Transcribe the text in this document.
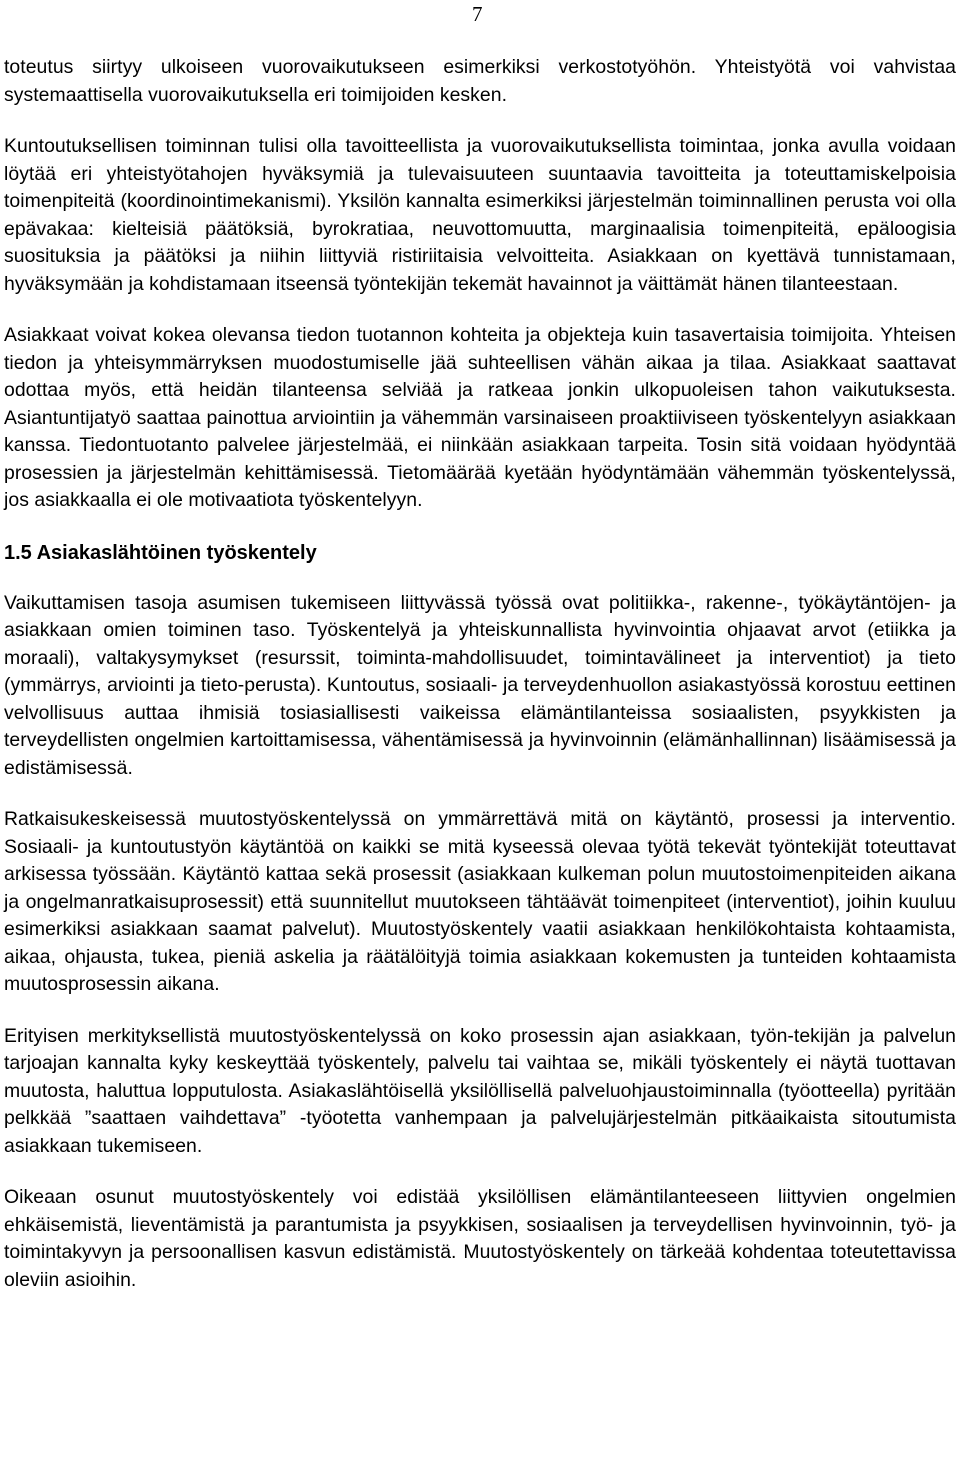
7

toteutus siirtyy ulkoiseen vuorovaikutukseen esimerkiksi verkostotyöhön. Yhteistyötä voi vahvistaa systemaattisella vuorovaikutuksella eri toimijoiden kesken.

Kuntoutuksellisen toiminnan tulisi olla tavoitteellista ja vuorovaikutuksellista toimintaa, jonka avulla voidaan löytää eri yhteistyötahojen hyväksymiä ja tulevaisuuteen suuntaavia tavoitteita ja toteuttamiskelpoisia toimenpiteitä (koordinointimekanismi). Yksilön kannalta esimerkiksi järjestelmän toiminnallinen perusta voi olla epävakaa: kielteisiä päätöksiä, byrokratiaa, neuvottomuutta, marginaalisia toimenpiteitä, epäloogisia suosituksia ja päätöksi ja niihin liittyviä ristiriitaisia velvoitteita. Asiakkaan on kyettävä tunnistamaan, hyväksymään ja kohdistamaan itseensä työntekijän tekemät havainnot ja väittämät hänen tilanteestaan.

Asiakkaat voivat kokea olevansa tiedon tuotannon kohteita ja objekteja kuin tasavertaisia toimijoita. Yhteisen tiedon ja yhteisymmärryksen muodostumiselle jää suhteellisen vähän aikaa ja tilaa. Asiakkaat saattavat odottaa myös, että heidän tilanteensa selviää ja ratkeaa jonkin ulkopuoleisen tahon vaikutuksesta. Asiantuntijatyö saattaa painottua arviointiin ja vähemmän varsinaiseen proaktiiviseen työskentelyyn asiakkaan kanssa. Tiedontuotanto palvelee järjestelmää, ei niinkään asiakkaan tarpeita. Tosin sitä voidaan hyödyntää prosessien ja järjestelmän kehittämisessä. Tietomäärää kyetään hyödyntämään vähemmän työskentelyssä, jos asiakkaalla ei ole motivaatiota työskentelyyn.

1.5 Asiakaslähtöinen työskentely

Vaikuttamisen tasoja asumisen tukemiseen liittyvässä työssä ovat politiikka-, rakenne-, työkäytäntöjen- ja asiakkaan omien toiminen taso. Työskentelyä ja yhteiskunnallista hyvinvointia ohjaavat arvot (etiikka ja moraali), valtakysymykset (resurssit, toiminta-mahdollisuudet, toimintavälineet ja interventiot) ja tieto (ymmärrys, arviointi ja tieto-perusta). Kuntoutus, sosiaali- ja terveydenhuollon asiakastyössä korostuu eettinen velvollisuus auttaa ihmisiä tosiasiallisesti vaikeissa elämäntilanteissa sosiaalisten, psyykkisten ja terveydellisten ongelmien kartoittamisessa, vähentämisessä ja hyvinvoinnin (elämänhallinnan) lisäämisessä ja edistämisessä.

Ratkaisukeskeisessä muutostyöskentelyssä on ymmärrettävä mitä on käytäntö, prosessi ja interventio. Sosiaali- ja kuntoutustyön käytäntöä on kaikki se mitä kyseessä olevaa työtä tekevät työntekijät toteuttavat arkisessa työssään. Käytäntö kattaa sekä prosessit (asiakkaan kulkeman polun muutostoimenpiteiden aikana ja ongelmanratkaisuprosessit) että suunnitellut muutokseen tähtäävät toimenpiteet (interventiot), joihin kuuluu esimerkiksi asiakkaan saamat palvelut). Muutostyöskentely vaatii asiakkaan henkilökohtaista kohtaamista, aikaa, ohjausta, tukea, pieniä askelia ja räätälöityjä toimia asiakkaan kokemusten ja tunteiden kohtaamista muutosprosessin aikana.

Erityisen merkityksellistä muutostyöskentelyssä on koko prosessin ajan asiakkaan, työn-tekijän ja palvelun tarjoajan kannalta kyky keskeyttää työskentely, palvelu tai vaihtaa se, mikäli työskentely ei näytä tuottavan muutosta, haluttua lopputulosta. Asiakaslähtöisellä yksilöllisellä palveluohjaustoiminnalla (työotteella) pyritään pelkkää ”saattaen vaihdettava” -työotetta vanhempaan ja palvelujärjestelmän pitkäaikaista sitoutumista asiakkaan tukemiseen.

Oikeaan osunut muutostyöskentely voi edistää yksilöllisen elämäntilanteeseen liittyvien ongelmien ehkäisemistä, lieventämistä ja parantumista ja psyykkisen, sosiaalisen ja terveydellisen hyvinvoinnin, työ- ja toimintakyvyn ja persoonallisen kasvun edistämistä. Muutostyöskentely on tärkeää kohdentaa toteutettavissa oleviin asioihin.
